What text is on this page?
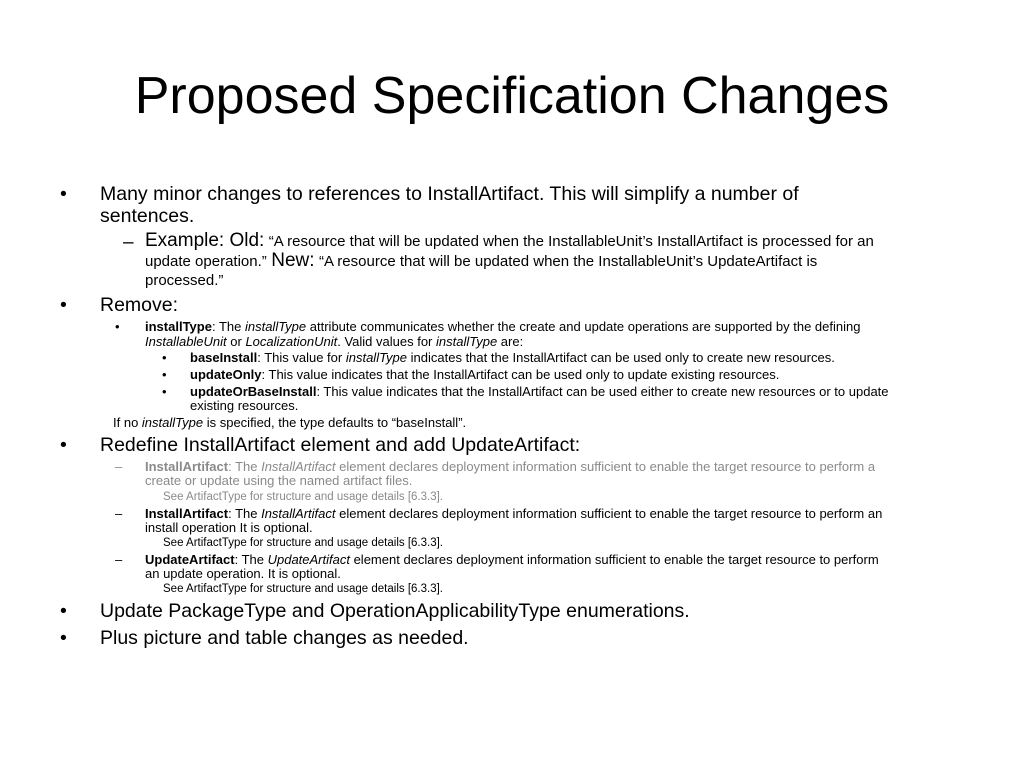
Proposed Specification Changes
• Many minor changes to references to InstallArtifact. This will simplify a number of
sentences.
– Example: Old: “A resource that will be updated when the InstallableUnit’s InstallArtifact is processed for an
update operation.” New: “A resource that will be updated when the InstallableUnit’s UpdateArtifact is
processed.”
• Remove:
• installType: The installType attribute communicates whether the create and update operations are supported by the defining
InstallableUnit or LocalizationUnit. Valid values for installType are:
• baseInstall: This value for installType indicates that the InstallArtifact can be used only to create new resources.
• updateOnly: This value indicates that the InstallArtifact can be used only to update existing resources.
• updateOrBaseInstall: This value indicates that the InstallArtifact can be used either to create new resources or to update
existing resources.
If no installType is specified, the type defaults to “baseInstall”.
• Redefine InstallArtifact element and add UpdateArtifact:
– InstallArtifact: The InstallArtifact element declares deployment information sufficient to enable the target resource to perform a
create or update using the named artifact files.
See ArtifactType for structure and usage details [6.3.3].
– InstallArtifact: The InstallArtifact element declares deployment information sufficient to enable the target resource to perform an
install operation It is optional.
See ArtifactType for structure and usage details [6.3.3].
– UpdateArtifact: The UpdateArtifact element declares deployment information sufficient to enable the target resource to perform
an update operation. It is optional.
See ArtifactType for structure and usage details [6.3.3].
• Update PackageType and OperationApplicabilityType enumerations.
• Plus picture and table changes as needed.
